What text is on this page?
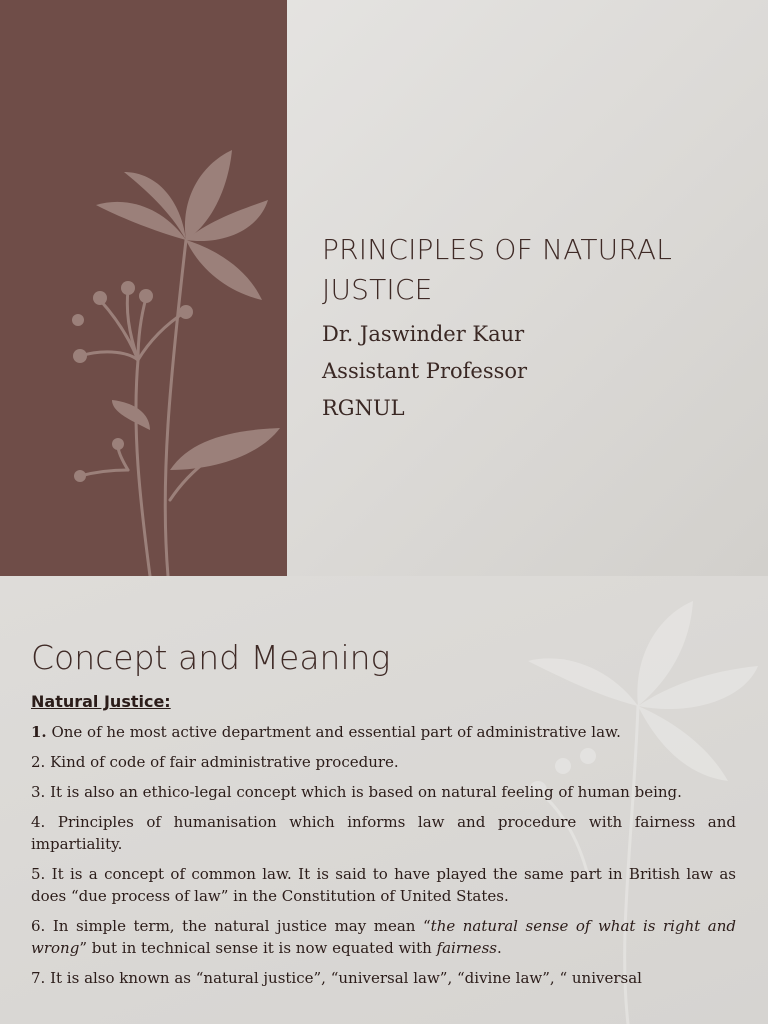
PRINCIPLES OF NATURAL JUSTICE
Dr. Jaswinder Kaur
Assistant Professor
RGNUL
Concept and Meaning
Natural Justice:
1. One of he most active department and essential part of administrative law.
2. Kind of code of fair administrative procedure.
3. It is also an ethico-legal concept which is based on natural feeling of human being.
4. Principles of humanisation which informs law and procedure with fairness and impartiality.
5. It is a concept of common law. It is said to have played the same part in British law as does “due process of law” in the Constitution of United States.
6. In simple term, the natural justice may mean “the natural sense of what is right and wrong” but in technical sense it is now equated with fairness.
7. It is also known as “natural justice”, “universal law”, “divine law”, “ universal
